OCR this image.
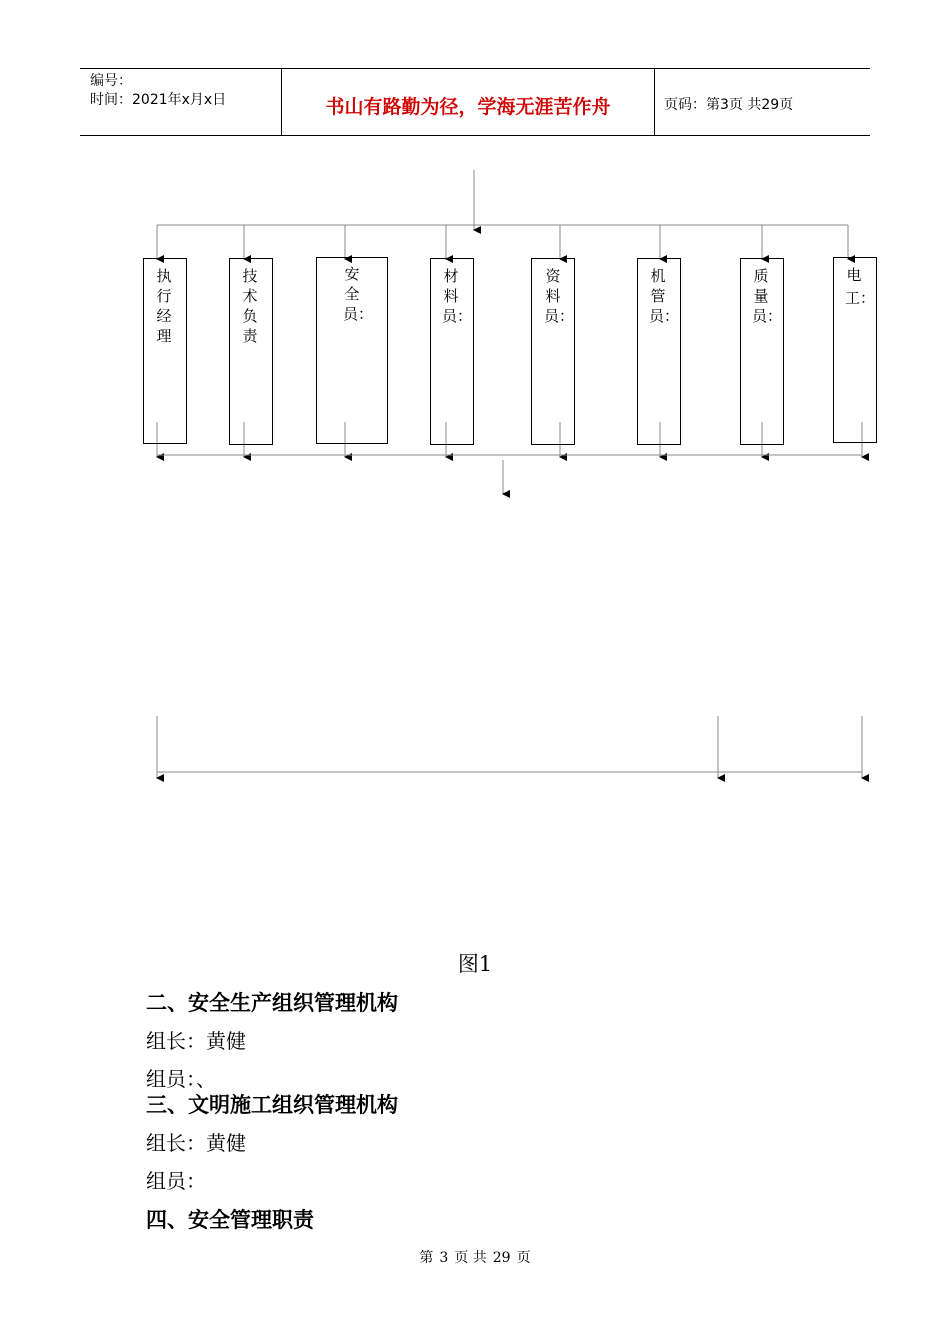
编号：
时间：2021年x月x日	书山有路勤为径，学海无涯苦作舟	页码：第3页 共29页
执行经理
技术负责
安全员：
材料员：
资料员：
机管员：
质量员：
电　工：
图1
二、安全生产组织管理机构
组长：黄健
组员：、
三、文明施工组织管理机构
组长：黄健
组员：
四、安全管理职责
第 3 页 共 29 页
